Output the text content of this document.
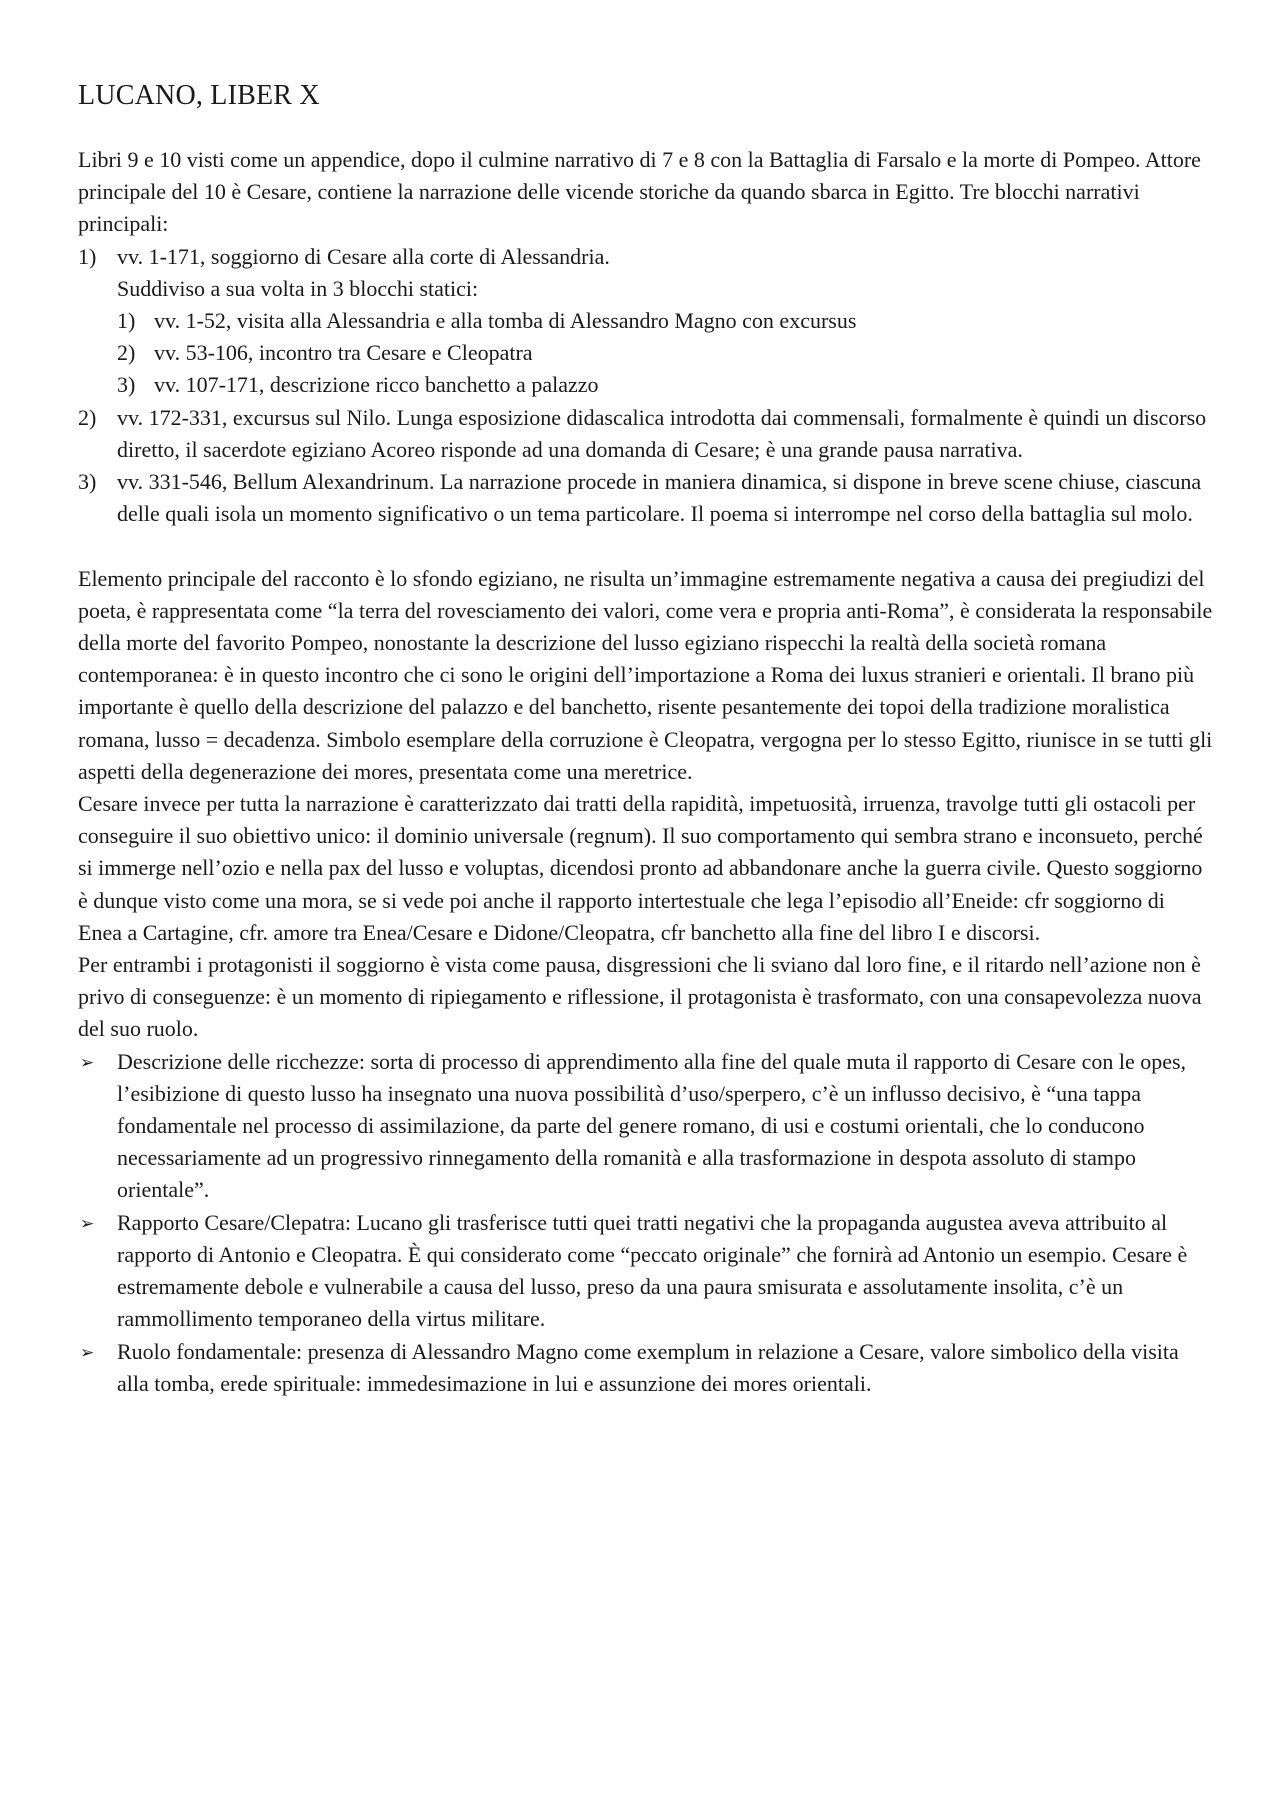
LUCANO, LIBER X

Libri 9 e 10 visti come un appendice, dopo il culmine narrativo di 7 e 8 con la Battaglia di Farsalo e la morte di Pompeo. Attore principale del 10 è Cesare, contiene la narrazione delle vicende storiche da quando sbarca in Egitto. Tre blocchi narrativi principali:

1) vv. 1-171, soggiorno di Cesare alla corte di Alessandria.
Suddiviso a sua volta in 3 blocchi statici:
1) vv. 1-52, visita alla Alessandria e alla tomba di Alessandro Magno con excursus
2) vv. 53-106, incontro tra Cesare e Cleopatra
3) vv. 107-171, descrizione ricco banchetto a palazzo
2) vv. 172-331, excursus sul Nilo. Lunga esposizione didascalica introdotta dai commensali, formalmente è quindi un discorso diretto, il sacerdote egiziano Acoreo risponde ad una domanda di Cesare; è una grande pausa narrativa.
3) vv. 331-546, Bellum Alexandrinum. La narrazione procede in maniera dinamica, si dispone in breve scene chiuse, ciascuna delle quali isola un momento significativo o un tema particolare. Il poema si interrompe nel corso della battaglia sul molo.

Elemento principale del racconto è lo sfondo egiziano, ne risulta un’immagine estremamente negativa a causa dei pregiudizi del poeta, è rappresentata come “la terra del rovesciamento dei valori, come vera e propria anti-Roma”, è considerata la responsabile della morte del favorito Pompeo, nonostante la descrizione del lusso egiziano rispecchi la realtà della società romana contemporanea: è in questo incontro che ci sono le origini dell’importazione a Roma dei luxus stranieri e orientali. Il brano più importante è quello della descrizione del palazzo e del banchetto, risente pesantemente dei topoi della tradizione moralistica romana, lusso = decadenza. Simbolo esemplare della corruzione è Cleopatra, vergogna per lo stesso Egitto, riunisce in se tutti gli aspetti della degenerazione dei mores, presentata come una meretrice.

Cesare invece per tutta la narrazione è caratterizzato dai tratti della rapidità, impetuosità, irruenza, travolge tutti gli ostacoli per conseguire il suo obiettivo unico: il dominio universale (regnum). Il suo comportamento qui sembra strano e inconsueto, perché si immerge nell’ozio e nella pax del lusso e voluptas, dicendosi pronto ad abbandonare anche la guerra civile. Questo soggiorno è dunque visto come una mora, se si vede poi anche il rapporto intertestuale che lega l’episodio all’Eneide: cfr soggiorno di Enea a Cartagine, cfr. amore tra Enea/Cesare e Didone/Cleopatra, cfr banchetto alla fine del libro I e discorsi.

Per entrambi i protagonisti il soggiorno è vista come pausa, disgressioni che li sviano dal loro fine, e il ritardo nell’azione non è privo di conseguenze: è un momento di ripiegamento e riflessione, il protagonista è trasformato, con una consapevolezza nuova del suo ruolo.

➢	Descrizione delle ricchezze: sorta di processo di apprendimento alla fine del quale muta il rapporto di Cesare con le opes, l’esibizione di questo lusso ha insegnato una nuova possibilità d’uso/sperpero, c’è un influsso decisivo, è “una tappa fondamentale nel processo di assimilazione, da parte del genere romano, di usi e costumi orientali, che lo conducono necessariamente ad un progressivo rinnegamento della romanità e alla trasformazione in despota assoluto di stampo orientale”.
➢	Rapporto Cesare/Clepatra: Lucano gli trasferisce tutti quei tratti negativi che la propaganda augustea aveva attribuito al rapporto di Antonio e Cleopatra. È qui considerato come “peccato originale” che fornirà ad Antonio un esempio. Cesare è estremamente debole e vulnerabile a causa del lusso, preso da una paura smisurata e assolutamente insolita, c’è un rammollimento temporaneo della virtus militare.
➢	Ruolo fondamentale: presenza di Alessandro Magno come exemplum in relazione a Cesare, valore simbolico della visita alla tomba, erede spirituale: immedesimazione in lui e assunzione dei mores orientali.
